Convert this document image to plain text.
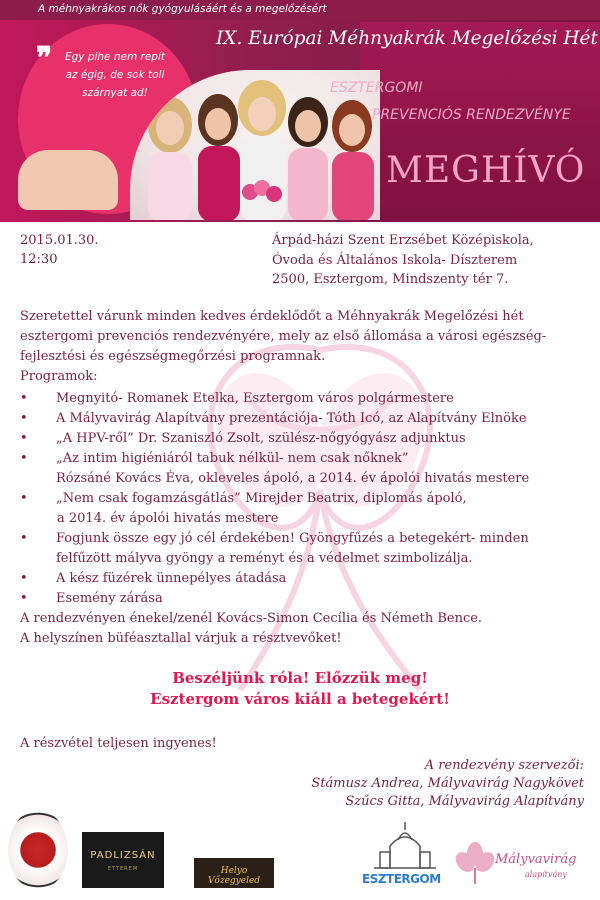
A méhnyakrákos nők gyógyulásáért és a megelőzésért
❞	Egy pihe nem repít az égig, de sok toll szárnyat ad!
IX. Európai Méhnyakrák Megelőzési Hét
ESZTERGOMI
PREVENCIÓS RENDEZVÉNYE
MEGHÍVÓ
2015.01.30.
12:30
Árpád-házi Szent Erzsébet Középiskola,
Óvoda és Általános Iskola- Díszterem
2500, Esztergom, Mindszenty tér 7.
Szeretettel várunk minden kedves érdeklődőt a Méhnyakrák Megelőzési hét esztergomi prevenciós rendezvényére, mely az első állomása a városi egészség-fejlesztési és egészségmegőrzési programnak.
Programok:
• Megnyitó- Romanek Etelka, Esztergom város polgármestere
• A Mályvavirág Alapítvány prezentációja- Tóth Icó, az Alapítvány Elnöke
• „A HPV-ről” Dr. Szaniszló Zsolt, szülész-nőgyógyász adjunktus
• „Az intim higiéniáról tabuk nélkül- nem csak nőknek”
Rózsáné Kovács Éva, okleveles ápoló, a 2014. év ápolói hivatás mestere
• „Nem csak fogamzásgátlás” Mirejder Beatrix, diplomás ápoló,
a 2014. év ápolói hivatás mestere
• Fogjunk össze egy jó cél érdekében! Gyöngyfűzés a betegekért- minden
felfűzött mályva gyöngy a reményt és a védelmet szimbolizálja.
• A kész füzérek ünnepélyes átadása
• Esemény zárása
A rendezvényen énekel/zenél Kovács-Simon Cecília és Németh Bence.
A helyszínen büféasztallal várjuk a résztvevőket!
Beszéljünk róla! Előzzük meg!
Esztergom város kiáll a betegekért!
A részvétel teljesen ingyenes!
A rendezvény szervezői:
Stámusz Andrea, Mályvavirág Nagykövet
Szűcs Gitta, Mályvavirág Alapítvány
PADLIZSÁN
ETTEREM	Helyo Vőzegyeled	ESZTERGOM
Mályvavirág
alapítvány
